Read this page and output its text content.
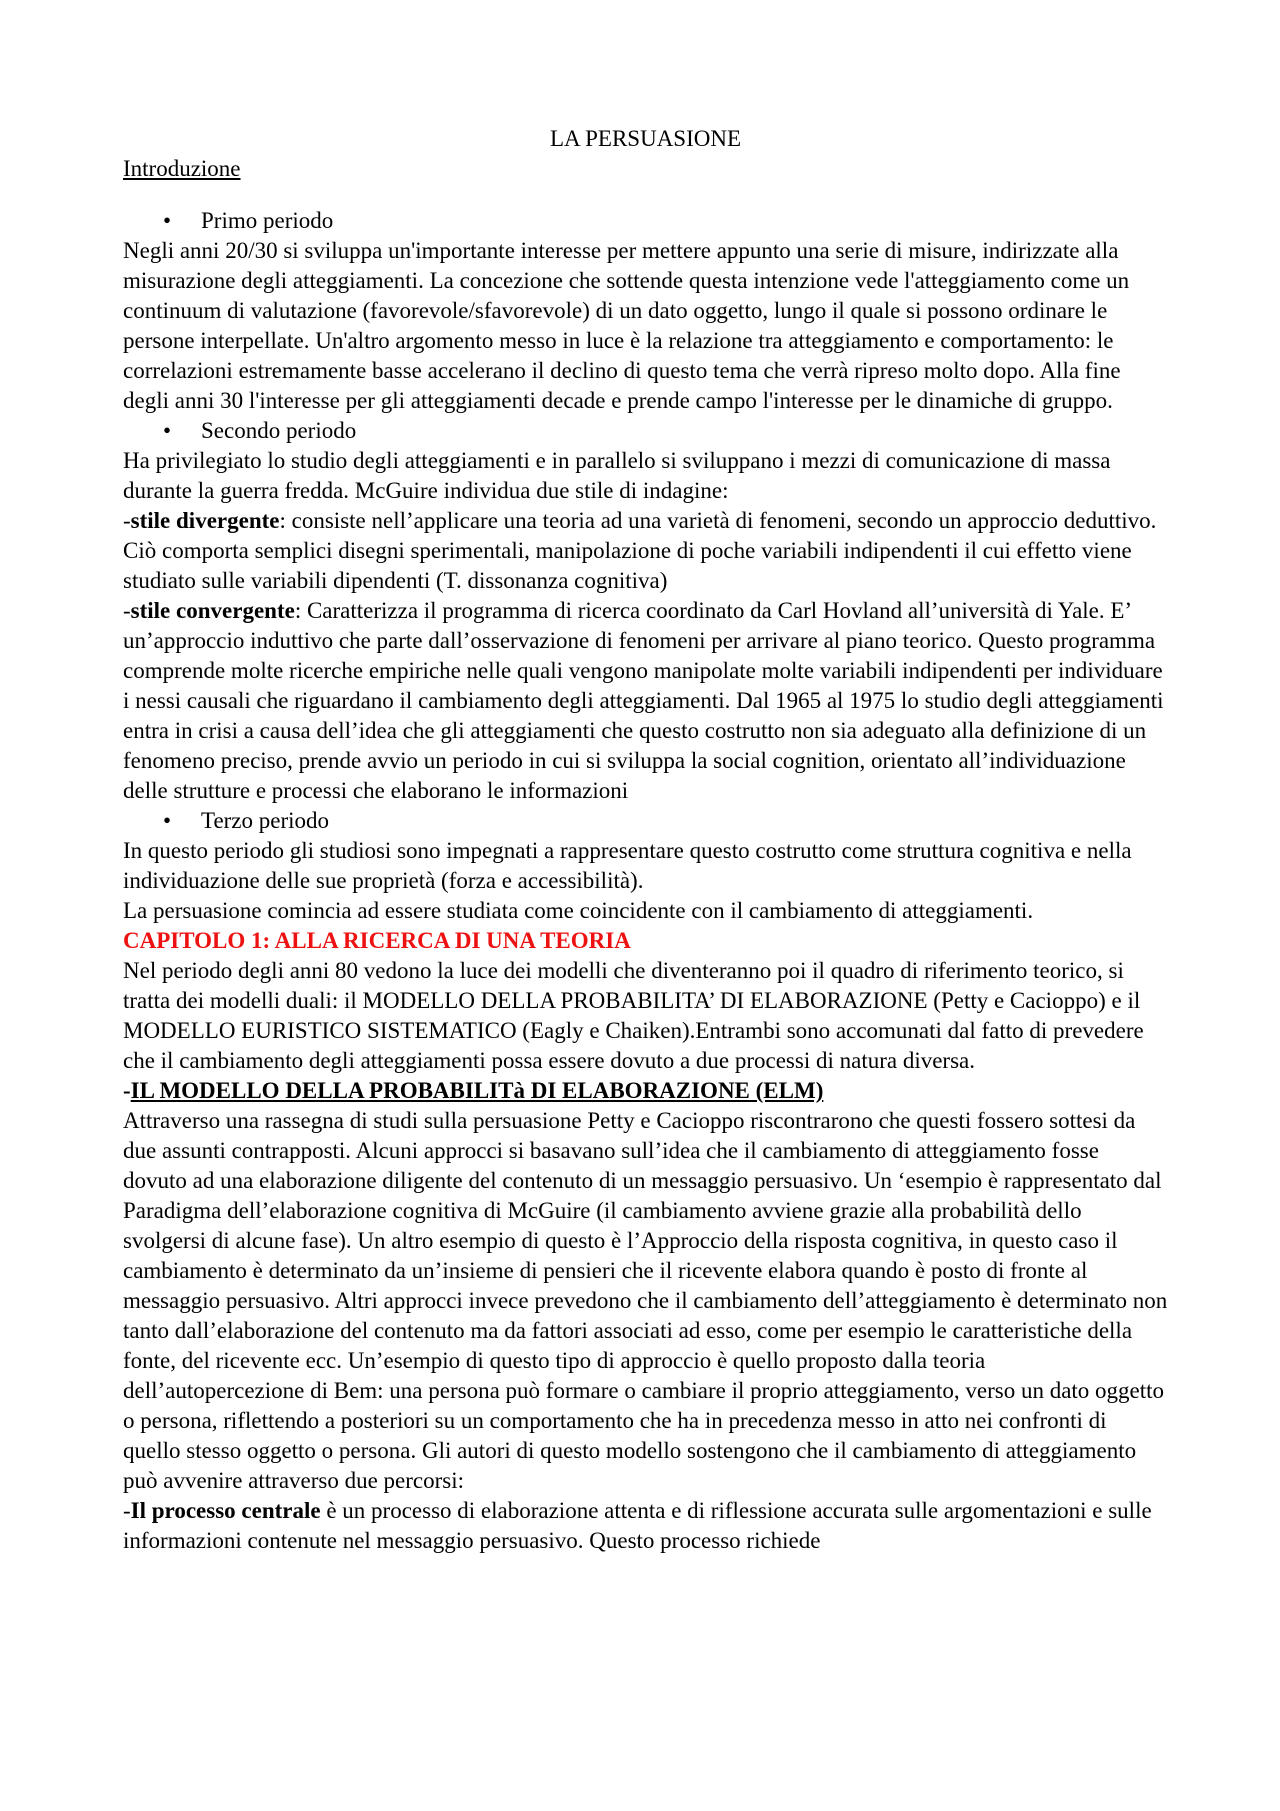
LA PERSUASIONE
Introduzione
• Primo periodo

Negli anni 20/30 si sviluppa un'importante interesse per mettere appunto una serie di misure, indirizzate alla misurazione degli atteggiamenti. La concezione che sottende questa intenzione vede l'atteggiamento come un continuum di valutazione (favorevole/sfavorevole) di un dato oggetto, lungo il quale si possono ordinare le persone interpellate. Un'altro argomento messo in luce è la relazione tra atteggiamento e comportamento: le correlazioni estremamente basse accelerano il declino di questo tema che verrà ripreso molto dopo. Alla fine degli anni 30 l'interesse per gli atteggiamenti decade e prende campo l'interesse per le dinamiche di gruppo.

• Secondo periodo

Ha privilegiato lo studio degli atteggiamenti e in parallelo si sviluppano i mezzi di comunicazione di massa durante la guerra fredda. McGuire individua due stile di indagine:

-stile divergente: consiste nell’applicare una teoria ad una varietà di fenomeni, secondo un approccio deduttivo. Ciò comporta semplici disegni sperimentali, manipolazione di poche variabili indipendenti il cui effetto viene studiato sulle variabili dipendenti (T. dissonanza cognitiva)

-stile convergente: Caratterizza il programma di ricerca coordinato da Carl Hovland all’università di Yale. E’ un’approccio induttivo che parte dall’osservazione di fenomeni per arrivare al piano teorico. Questo programma comprende molte ricerche empiriche nelle quali vengono manipolate molte variabili indipendenti per individuare i nessi causali che riguardano il cambiamento degli atteggiamenti. Dal 1965 al 1975 lo studio degli atteggiamenti entra in crisi a causa dell’idea che gli atteggiamenti che questo costrutto non sia adeguato alla definizione di un fenomeno preciso, prende avvio un periodo in cui si sviluppa la social cognition, orientato all’individuazione delle strutture e processi che elaborano le informazioni

• Terzo periodo

In questo periodo gli studiosi sono impegnati a rappresentare questo costrutto come struttura cognitiva e nella individuazione delle sue proprietà (forza e accessibilità).

La persuasione comincia ad essere studiata come coincidente con il cambiamento di atteggiamenti.

CAPITOLO 1: ALLA RICERCA DI UNA TEORIA

Nel periodo degli anni 80 vedono la luce dei modelli che diventeranno poi il quadro di riferimento teorico, si tratta dei modelli duali: il MODELLO DELLA PROBABILITA’ DI ELABORAZIONE (Petty e Cacioppo) e il MODELLO EURISTICO SISTEMATICO (Eagly e Chaiken).Entrambi sono accomunati dal fatto di prevedere che il cambiamento degli atteggiamenti possa essere dovuto a due processi di natura diversa.

-IL MODELLO DELLA PROBABILITà DI ELABORAZIONE (ELM)

Attraverso una rassegna di studi sulla persuasione Petty e Cacioppo riscontrarono che questi fossero sottesi da due assunti contrapposti. Alcuni approcci si basavano sull’idea che il cambiamento di atteggiamento fosse dovuto ad una elaborazione diligente del contenuto di un messaggio persuasivo. Un ‘esempio è rappresentato dal Paradigma dell’elaborazione cognitiva di McGuire (il cambiamento avviene grazie alla probabilità dello svolgersi di alcune fase). Un altro esempio di questo è l’Approccio della risposta cognitiva, in questo caso il cambiamento è determinato da un’insieme di pensieri che il ricevente elabora quando è posto di fronte al messaggio persuasivo. Altri approcci invece prevedono che il cambiamento dell’atteggiamento è determinato non tanto dall’elaborazione del contenuto ma da fattori associati ad esso, come per esempio le caratteristiche della fonte, del ricevente ecc. Un’esempio di questo tipo di approccio è quello proposto dalla teoria dell’autopercezione di Bem: una persona può formare o cambiare il proprio atteggiamento, verso un dato oggetto o persona, riflettendo a posteriori su un comportamento che ha in precedenza messo in atto nei confronti di quello stesso oggetto o persona. Gli autori di questo modello sostengono che il cambiamento di atteggiamento può avvenire attraverso due percorsi:

-Il processo centrale è un processo di elaborazione attenta e di riflessione accurata sulle argomentazioni e sulle informazioni contenute nel messaggio persuasivo. Questo processo richiede
